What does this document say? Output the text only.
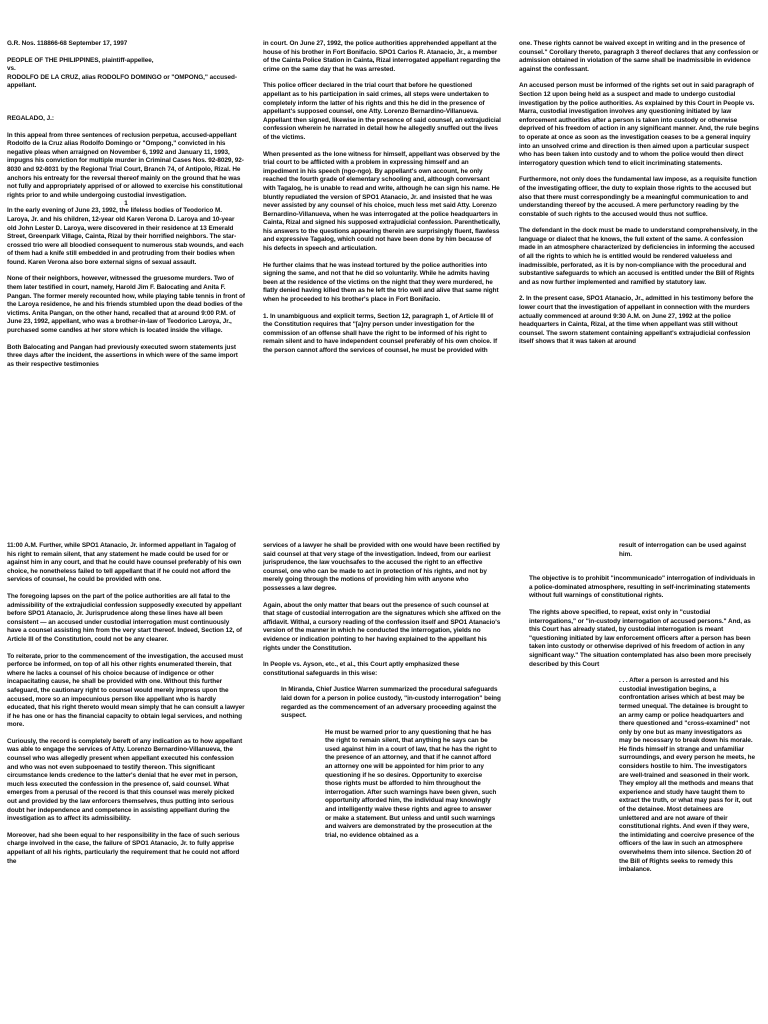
G.R. Nos. 118866-68 September 17, 1997

PEOPLE OF THE PHILIPPINES, plaintiff-appellee,

vs.

RODOLFO DE LA CRUZ, alias RODOLFO DOMINGO or "OMPONG," accused-appellant.

REGALADO, J.:

In this appeal from three sentences of reclusion perpetua, accused-appellant Rodolfo de la Cruz alias Rodolfo Domingo or "Ompong," convicted in his negative pleas when arraigned on November 6, 1992 and January 11, 1993, impugns his conviction for multiple murder in Criminal Cases Nos. 92-8029, 92-8030 and 92-8031 by the Regional Trial Court, Branch 74, of Antipolo, Rizal. He anchors his entreaty for the reversal thereof mainly on the ground that he was not fully and appropriately apprised of or allowed to exercise his constitutional rights prior to and while undergoing custodial investigation.

1

In the early evening of June 23, 1992, the lifeless bodies of Teodorico M. Laroya, Jr. and his children, 12-year old Karen Verona D. Laroya and 10-year old John Lester D. Laroya, were discovered in their residence at 13 Emerald Street, Greenpark Village, Cainta, Rizal by their horrified neighbors. The star-crossed trio were all bloodied consequent to numerous stab wounds, and each of them had a knife still embedded in and protruding from their bodies when found. Karen Verona also bore external signs of sexual assault.

None of their neighbors, however, witnessed the gruesome murders. Two of them later testified in court, namely, Harold Jim F. Balocating and Anita F. Pangan. The former merely recounted how, while playing table tennis in front of the Laroya residence, he and his friends stumbled upon the dead bodies of the victims. Anita Pangan, on the other hand, recalled that at around 9:00 P.M. of June 23, 1992, appellant, who was a brother-in-law of Teodorico Laroya, Jr., purchased some candles at her store which is located inside the village.

Both Balocating and Pangan had previously executed sworn statements just three days after the incident, the assertions in which were of the same import as their respective testimonies

in court. On June 27, 1992, the police authorities apprehended appellant at the house of his brother in Fort Bonifacio. SPO1 Carlos R. Atanacio, Jr., a member of the Cainta Police Station in Cainta, Rizal interrogated appellant regarding the crime on the same day that he was arrested.

This police officer declared in the trial court that before he questioned appellant as to his participation in said crimes, all steps were undertaken to completely inform the latter of his rights and this he did in the presence of appellant's supposed counsel, one Atty. Lorenzo Bernardino-Villanueva. Appellant then signed, likewise in the presence of said counsel, an extrajudicial confession wherein he narrated in detail how he allegedly snuffed out the lives of the victims.

When presented as the lone witness for himself, appellant was observed by the trial court to be afflicted with a problem in expressing himself and an impediment in his speech (ngo-ngo). By appellant's own account, he only reached the fourth grade of elementary schooling and, although conversant with Tagalog, he is unable to read and write, although he can sign his name. He bluntly repudiated the version of SPO1 Atanacio, Jr. and insisted that he was never assisted by any counsel of his choice, much less met said Atty. Lorenzo Bernardino-Villanueva, when he was interrogated at the police headquarters in Cainta, Rizal and signed his supposed extrajudicial confession. Parenthetically, his answers to the questions appearing therein are surprisingly fluent, flawless and expressive Tagalog, which could not have been done by him because of his defects in speech and articulation.

He further claims that he was instead tortured by the police authorities into signing the same, and not that he did so voluntarily. While he admits having been at the residence of the victims on the night that they were murdered, he flatly denied having killed them as he left the trio well and alive that same night when he proceeded to his brother's place in Fort Bonifacio.

1. In unambiguous and explicit terms, Section 12, paragraph 1, of Article III of the Constitution requires that "[a]ny person under investigation for the commission of an offense shall have the right to be informed of his right to remain silent and to have independent counsel preferably of his own choice. If the person cannot afford the services of counsel, he must be provided with

one. These rights cannot be waived except in writing and in the presence of counsel." Corollary thereto, paragraph 3 thereof declares that any confession or admission obtained in violation of the same shall be inadmissible in evidence against the confessant.

An accused person must be informed of the rights set out in said paragraph of Section 12 upon being held as a suspect and made to undergo custodial investigation by the police authorities. As explained by this Court in People vs. Marra, custodial investigation involves any questioning initiated by law enforcement authorities after a person is taken into custody or otherwise deprived of his freedom of action in any significant manner. And, the rule begins to operate at once as soon as the investigation ceases to be a general inquiry into an unsolved crime and direction is then aimed upon a particular suspect who has been taken into custody and to whom the police would then direct interrogatory question which tend to elicit incriminating statements.

Furthermore, not only does the fundamental law impose, as a requisite function of the investigating officer, the duty to explain those rights to the accused but also that there must correspondingly be a meaningful communication to and understanding thereof by the accused. A mere perfunctory reading by the constable of such rights to the accused would thus not suffice.

The defendant in the dock must be made to understand comprehensively, in the language or dialect that he knows, the full extent of the same. A confession made in an atmosphere characterized by deficiencies in informing the accused of all the rights to which he is entitled would be rendered valueless and inadmissible, perforated, as it is by non-compliance with the procedural and substantive safeguards to which an accused is entitled under the Bill of Rights and as now further implemented and ramified by statutory law.

2. In the present case, SPO1 Atanacio, Jr., admitted in his testimony before the lower court that the investigation of appellant in connection with the murders actually commenced at around 9:30 A.M. on June 27, 1992 at the police headquarters in Cainta, Rizal, at the time when appellant was still without counsel. The sworn statement containing appellant's extrajudicial confession itself shows that it was taken at around

11:00 A.M. Further, while SPO1 Atanacio, Jr. informed appellant in Tagalog of his right to remain silent, that any statement he made could be used for or against him in any court, and that he could have counsel preferably of his own choice, he nonetheless failed to tell appellant that if he could not afford the services of counsel, he could be provided with one.

The foregoing lapses on the part of the police authorities are all fatal to the admissibility of the extrajudicial confession supposedly executed by appellant before SPO1 Atanacio, Jr. Jurisprudence along these lines have all been consistent — an accused under custodial interrogation must continuously have a counsel assisting him from the very start thereof. Indeed, Section 12, of Article III of the Constitution, could not be any clearer.

To reiterate, prior to the commencement of the investigation, the accused must perforce be informed, on top of all his other rights enumerated therein, that where he lacks a counsel of his choice because of indigence or other incapacitating cause, he shall be provided with one. Without this further safeguard, the cautionary right to counsel would merely impress upon the accused, more so an impecunious person like appellant who is hardly educated, that his right thereto would mean simply that he can consult a lawyer if he has one or has the financial capacity to obtain legal services, and nothing more.

Curiously, the record is completely bereft of any indication as to how appellant was able to engage the services of Atty. Lorenzo Bernardino-Villanueva, the counsel who was allegedly present when appellant executed his confession and who was not even subpoenaed to testify thereon. This significant circumstance lends credence to the latter's denial that he ever met in person, much less executed the confession in the presence of, said counsel. What emerges from a perusal of the record is that this counsel was merely picked out and provided by the law enforcers themselves, thus putting into serious doubt her independence and competence in assisting appellant during the investigation as to affect its admissibility.

Moreover, had she been equal to her responsibility in the face of such serious charge involved in the case, the failure of SPO1 Atanacio, Jr. to fully apprise appellant of all his rights, particularly the requirement that he could not afford the

services of a lawyer he shall be provided with one would have been rectified by said counsel at that very stage of the investigation. Indeed, from our earliest jurisprudence, the law vouchsafes to the accused the right to an effective counsel, one who can be made to act in protection of his rights, and not by merely going through the motions of providing him with anyone who possesses a law degree.

Again, about the only matter that bears out the presence of such counsel at that stage of custodial interrogation are the signatures which she affixed on the affidavit. Withal, a cursory reading of the confession itself and SPO1 Atanacio's version of the manner in which he conducted the interrogation, yields no evidence or indication pointing to her having explained to the appellant his rights under the Constitution.

In People vs. Ayson, etc., et al., this Court aptly emphasized these constitutional safeguards in this wise:

In Miranda, Chief Justice Warren summarized the procedural safeguards laid down for a person in police custody, "in-custody interrogation" being regarded as the commencement of an adversary proceeding against the suspect.

He must be warned prior to any questioning that he has the right to remain silent, that anything he says can be used against him in a court of law, that he has the right to the presence of an attorney, and that if he cannot afford an attorney one will be appointed for him prior to any questioning if he so desires. Opportunity to exercise those rights must be afforded to him throughout the interrogation. After such warnings have been given, such opportunity afforded him, the individual may knowingly and intelligently waive these rights and agree to answer or make a statement. But unless and until such warnings and waivers are demonstrated by the prosecution at the trial, no evidence obtained as a

result of interrogation can be used against him.

The objective is to prohibit "incommunicado" interrogation of individuals in a police-dominated atmosphere, resulting in self-incriminating statements without full warnings of constitutional rights.

The rights above specified, to repeat, exist only in "custodial interrogations," or "in-custody interrogation of accused persons." And, as this Court has already stated, by custodial interrogation is meant "questioning initiated by law enforcement officers after a person has been taken into custody or otherwise deprived of his freedom of action in any significant way." The situation contemplated has also been more precisely described by this Court

. . . After a person is arrested and his custodial investigation begins, a confrontation arises which at best may be termed unequal. The detainee is brought to an army camp or police headquarters and there questioned and "cross-examined" not only by one but as many investigators as may be necessary to break down his morale. He finds himself in strange and unfamiliar surroundings, and every person he meets, he considers hostile to him. The investigators are well-trained and seasoned in their work. They employ all the methods and means that experience and study have taught them to extract the truth, or what may pass for it, out of the detainee. Most detainees are unlettered and are not aware of their constitutional rights. And even if they were, the intimidating and coercive presence of the officers of the law in such an atmosphere overwhelms them into silence. Section 20 of the Bill of Rights seeks to remedy this imbalance.
